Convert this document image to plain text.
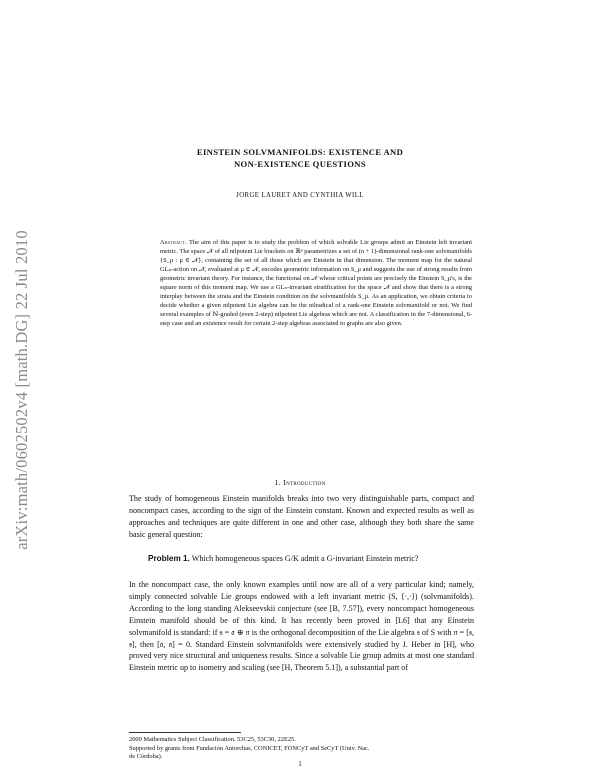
arXiv:math/0602502v4 [math.DG] 22 Jul 2010
EINSTEIN SOLVMANIFOLDS: EXISTENCE AND
NON-EXISTENCE QUESTIONS
JORGE LAURET AND CYNTHIA WILL
Abstract. The aim of this paper is to study the problem of which solvable Lie groups admit an Einstein left invariant metric. The space 𝒩 of all nilpotent Lie brackets on ℝⁿ parametrizes a set of (n + 1)-dimensional rank-one solvmanifolds {S_μ : μ ∈ 𝒩}, containing the set of all those which are Einstein in that dimension. The moment map for the natural GLₙ-action on 𝒩, evaluated at μ ∈ 𝒩, encodes geometric information on S_μ and suggests the use of strong results from geometric invariant theory. For instance, the functional on 𝒩 whose critical points are precisely the Einstein S_μ's, is the square norm of this moment map. We use a GLₙ-invariant stratification for the space 𝒩 and show that there is a strong interplay between the strata and the Einstein condition on the solvmanifolds S_μ. As an application, we obtain criteria to decide whether a given nilpotent Lie algebra can be the nilradical of a rank-one Einstein solvmanifold or not. We find several examples of ℕ-graded (even 2-step) nilpotent Lie algebras which are not. A classification in the 7-dimensional, 6-step case and an existence result for certain 2-step algebras associated to graphs are also given.
1. Introduction
The study of homogeneous Einstein manifolds breaks into two very distinguishable parts, compact and noncompact cases, according to the sign of the Einstein constant. Known and expected results as well as approaches and techniques are quite different in one and other case, although they both share the same basic general question:
Problem 1. Which homogeneous spaces G/K admit a G-invariant Einstein metric?
In the noncompact case, the only known examples until now are all of a very particular kind; namely, simply connected solvable Lie groups endowed with a left invariant metric (S, ⟨·,·⟩) (solvmanifolds). According to the long standing Alekseevskii conjecture (see [B, 7.57]), every noncompact homogeneous Einstein manifold should be of this kind. It has recently been proved in [L6] that any Einstein solvmanifold is standard: if 𝔰 = 𝔞 ⊕ 𝔫 is the orthogonal decomposition of the Lie algebra 𝔰 of S with 𝔫 = [𝔰, 𝔰], then [𝔞, 𝔞] = 0. Standard Einstein solvmanifolds were extensively studied by J. Heber in [H], who proved very nice structural and uniqueness results. Since a solvable Lie group admits at most one standard Einstein metric up to isometry and scaling (see [H, Theorem 5.1]), a substantial part of
2000 Mathematics Subject Classification. 53C25, 53C30, 22E25.
Supported by grants from Fundación Antorchas, CONICET, FONCyT and SeCyT (Univ. Nac.
de Córdoba).
1
